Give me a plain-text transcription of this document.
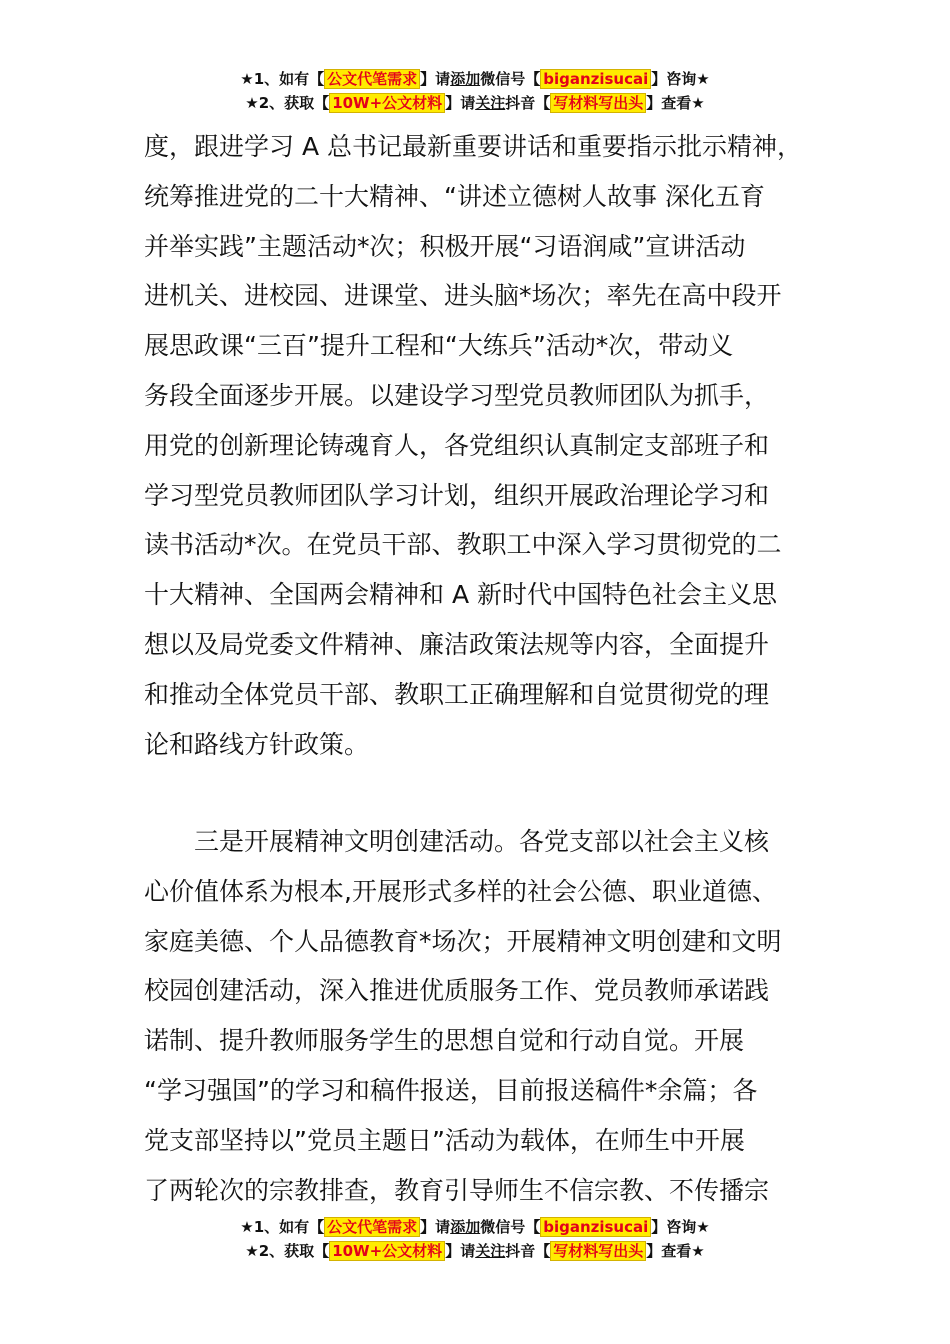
★1、如有【 公文代笔需求 】请添加微信号【 biganzisucai 】咨询★
★2、获取【 10W+公文材料 】请关注抖音【 写材料写出头 】查看★
度，跟进学习 A 总书记最新重要讲话和重要指示批示精神，
统筹推进党的二十大精神、“讲述立德树人故事 深化五育
并举实践”主题活动*次；积极开展“习语润咸”宣讲活动
进机关、进校园、进课堂、进头脑*场次；率先在高中段开
展思政课“三百”提升工程和“大练兵”活动*次，带动义
务段全面逐步开展。以建设学习型党员教师团队为抓手，
用党的创新理论铸魂育人，各党组织认真制定支部班子和
学习型党员教师团队学习计划，组织开展政治理论学习和
读书活动*次。在党员干部、教职工中深入学习贯彻党的二
十大精神、全国两会精神和 A 新时代中国特色社会主义思
想以及局党委文件精神、廉洁政策法规等内容，全面提升
和推动全体党员干部、教职工正确理解和自觉贯彻党的理
论和路线方针政策。
　　三是开展精神文明创建活动。各党支部以社会主义核
心价值体系为根本,开展形式多样的社会公德、职业道德、
家庭美德、个人品德教育*场次；开展精神文明创建和文明
校园创建活动，深入推进优质服务工作、党员教师承诺践
诺制、提升教师服务学生的思想自觉和行动自觉。开展
“学习强国”的学习和稿件报送，目前报送稿件*余篇；各
党支部坚持以”党员主题日”活动为载体，在师生中开展
了两轮次的宗教排查，教育引导师生不信宗教、不传播宗
★1、如有【 公文代笔需求 】请添加微信号【 biganzisucai 】咨询★
★2、获取【 10W+公文材料 】请关注抖音【 写材料写出头 】查看★
